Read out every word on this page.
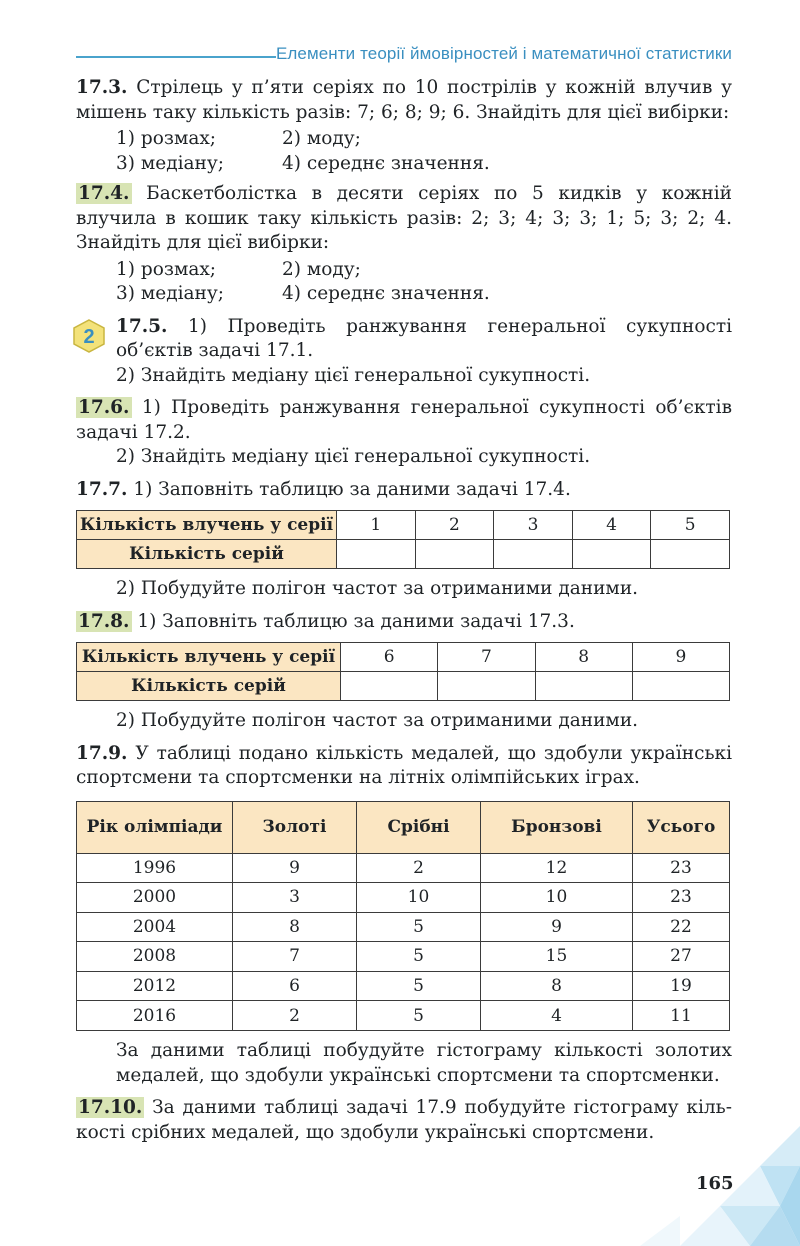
Елементи теорії ймовірностей і математичної статистики
17.3. Стрілець у п’яти серіях по 10 пострілів у кожній влучив у мішень таку кількість разів: 7; 6; 8; 9; 6. Знайдіть для цієї вибірки:
1) розмах;	2) моду;
3) медіану;	4) середнє значення.
17.4. Баскетболістка в десяти серіях по 5 кидків у кожній влучила в кошик таку кількість разів: 2; 3; 4; 3; 3; 1; 5; 3; 2; 4. Знайдіть для цієї вибірки:
1) розмах;	2) моду;
3) медіану;	4) середнє значення.
2 17.5. 1) Проведіть ранжування генеральної сукупності об’єктів задачі 17.1.
2) Знайдіть медіану цієї генеральної сукупності.
17.6. 1) Проведіть ранжування генеральної сукупності об’єктів задачі 17.2.
2) Знайдіть медіану цієї генеральної сукупності.
17.7. 1) Заповніть таблицю за даними задачі 17.4.
Кількість влучень у серії	1	2	3	4	5
Кількість серій					
2) Побудуйте полігон частот за отриманими даними.
17.8. 1) Заповніть таблицю за даними задачі 17.3.
Кількість влучень у серії	6	7	8	9
Кількість серій				
2) Побудуйте полігон частот за отриманими даними.
17.9. У таблиці подано кількість медалей, що здобули українські спортсмени та спортсменки на літніх олімпійських іграх.
Рік олімпіади	Золоті	Срібні	Бронзові	Усього
1996	9	2	12	23
2000	3	10	10	23
2004	8	5	9	22
2008	7	5	15	27
2012	6	5	8	19
2016	2	5	4	11
За даними таблиці побудуйте гістограму кількості золотих медалей, що здобули українські спортсмени та спортсменки.
17.10. За даними таблиці задачі 17.9 побудуйте гістограму кількості срібних медалей, що здобули українські спортсмени.
165
